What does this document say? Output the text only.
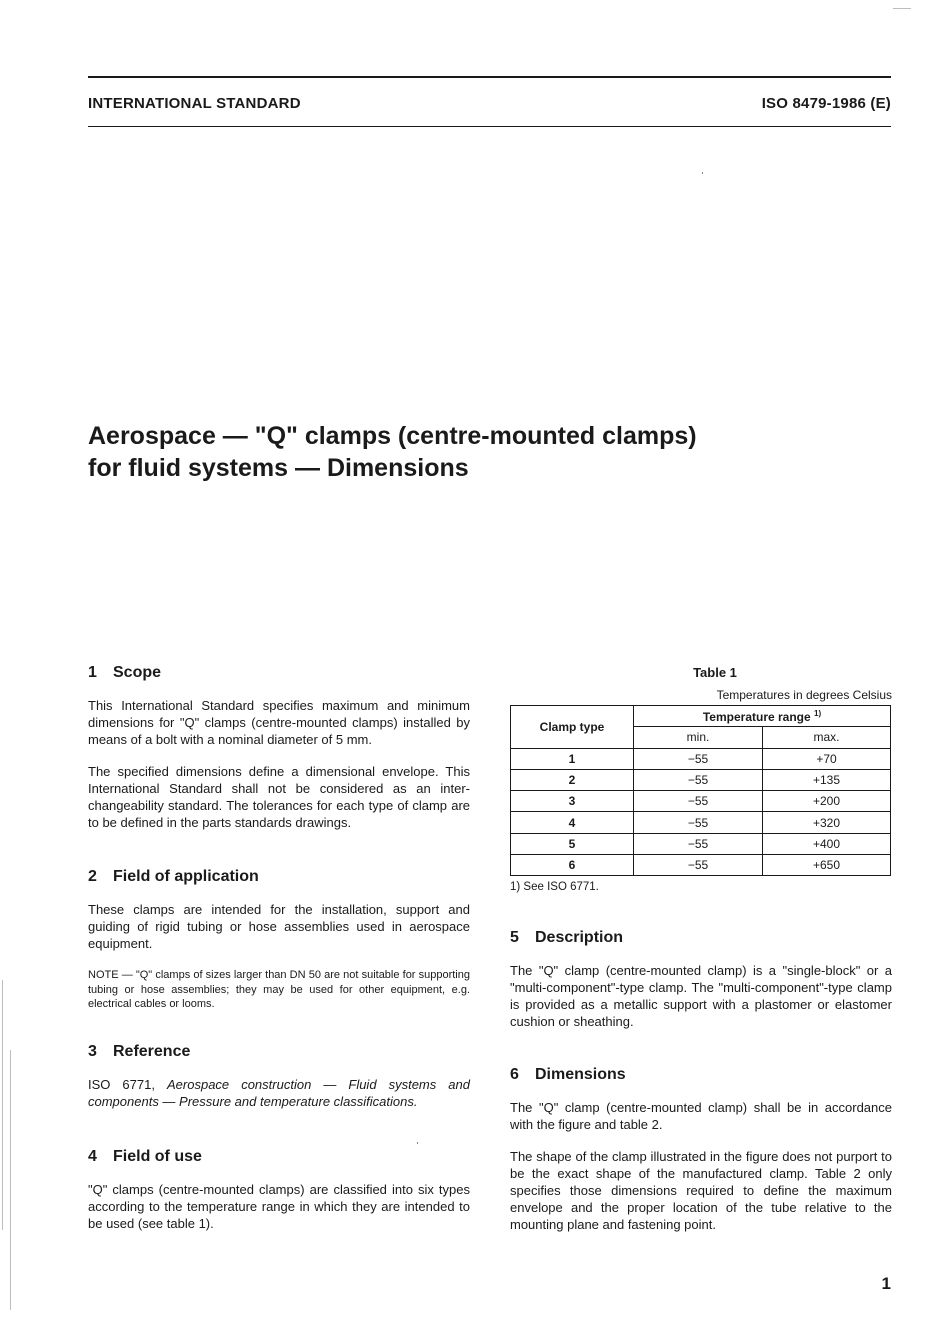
INTERNATIONAL STANDARD	ISO 8479-1986 (E)
Aerospace — "Q" clamps (centre-mounted clamps)
for fluid systems — Dimensions
1 Scope

This International Standard specifies maximum and minimum dimensions for "Q" clamps (centre-mounted clamps) installed by means of a bolt with a nominal diameter of 5 mm.

The specified dimensions define a dimensional envelope. This International Standard shall not be considered as an inter-changeability standard. The tolerances for each type of clamp are to be defined in the parts standards drawings.

2 Field of application

These clamps are intended for the installation, support and guiding of rigid tubing or hose assemblies used in aerospace equipment.

NOTE — "Q" clamps of sizes larger than DN 50 are not suitable for supporting tubing or hose assemblies; they may be used for other equipment, e.g. electrical cables or looms.

3 Reference

ISO 6771, Aerospace construction — Fluid systems and components — Pressure and temperature classifications.

4 Field of use

"Q" clamps (centre-mounted clamps) are classified into six types according to the temperature range in which they are intended to be used (see table 1).

Table 1

Temperatures in degrees Celsius

Clamp type	Temperature range $^{1)}$
	min.	max.
1	−55	+70
2	−55	+135
3	−55	+200
4	−55	+320
5	−55	+400
6	−55	+650

1) See ISO 6771.

5 Description

The "Q" clamp (centre-mounted clamp) is a "single-block" or a "multi-component"-type clamp. The "multi-component"-type clamp is provided as a metallic support with a plastomer or elastomer cushion or sheathing.

6 Dimensions

The "Q" clamp (centre-mounted clamp) shall be in accordance with the figure and table 2.

The shape of the clamp illustrated in the figure does not purport to be the exact shape of the manufactured clamp. Table 2 only specifies those dimensions required to define the maximum envelope and the proper location of the tube relative to the mounting plane and fastening point.

1
